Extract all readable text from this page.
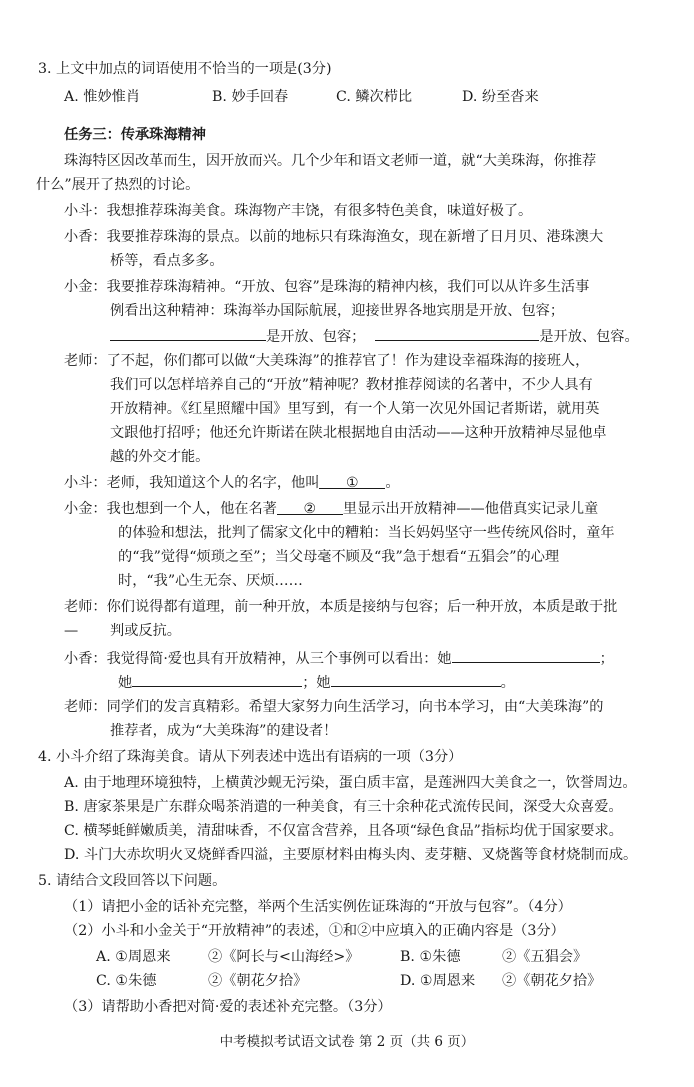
3. 上文中加点的词语使用不恰当的一项是(3分)
A. 惟妙惟肖	B. 妙手回春	C. 鳞次栉比	D. 纷至沓来
任务三：传承珠海精神
珠海特区因改革而生，因开放而兴。几个少年和语文老师一道，就“大美珠海，你推荐
什么”展开了热烈的讨论。
小斗：我想推荐珠海美食。珠海物产丰饶，有很多特色美食，味道好极了。
小香：我要推荐珠海的景点。以前的地标只有珠海渔女，现在新增了日月贝、港珠澳大
桥等，看点多多。
小金：我要推荐珠海精神。“开放、包容”是珠海的精神内核，我们可以从许多生活事
例看出这种精神：珠海举办国际航展，迎接世界各地宾朋是开放、包容；
是开放、包容；	是开放、包容。
老师：了不起，你们都可以做“大美珠海”的推荐官了！作为建设幸福珠海的接班人，
我们可以怎样培养自己的“开放”精神呢？教材推荐阅读的名著中，不少人具有
开放精神。《红星照耀中国》里写到，有一个人第一次见外国记者斯诺，就用英
文跟他打招呼；他还允许斯诺在陕北根据地自由活动——这种开放精神尽显他卓
越的外交才能。
小斗：老师，我知道这个人的名字，他叫 ① 。
小金：我也想到一个人，他在名著 ② 里显示出开放精神——他借真实记录儿童
的体验和想法，批判了儒家文化中的糟粕：当长妈妈坚守一些传统风俗时，童年
的“我”觉得“烦琐之至”；当父母毫不顾及“我”急于想看“五猖会”的心理
时，“我”心生无奈、厌烦……
老师：你们说得都有道理，前一种开放，本质是接纳与包容；后一种开放，本质是敢于批
— 判或反抗。
小香：我觉得简·爱也具有开放精神，从三个事例可以看出：她	；
她	；她	。
老师：同学们的发言真精彩。希望大家努力向生活学习，向书本学习，由“大美珠海”的
推荐者，成为“大美珠海”的建设者！
4. 小斗介绍了珠海美食。请从下列表述中选出有语病的一项（3分）
A. 由于地理环境独特，上横黄沙蚬无污染，蛋白质丰富，是莲洲四大美食之一，饮誉周边。
B. 唐家茶果是广东群众喝茶消遣的一种美食，有三十余种花式流传民间，深受大众喜爱。
C. 横琴蚝鲜嫩质美，清甜味香，不仅富含营养，且各项“绿色食品”指标均优于国家要求。
D. 斗门大赤坎明火叉烧鲜香四溢，主要原材料由梅头肉、麦芽糖、叉烧酱等食材烧制而成。
5. 请结合文段回答以下问题。
（1）请把小金的话补充完整，举两个生活实例佐证珠海的“开放与包容”。（4分）
（2）小斗和小金关于“开放精神”的表述，①和②中应填入的正确内容是（3分）
A. ①周恩来	②《阿长与<山海经>》	B. ①朱德	②《五猖会》
C. ①朱德	②《朝花夕拾》	D. ①周恩来 ②《朝花夕拾》
（3）请帮助小香把对简·爱的表述补充完整。（3分）
中考模拟考试语文试卷 第 2 页（共 6 页）
